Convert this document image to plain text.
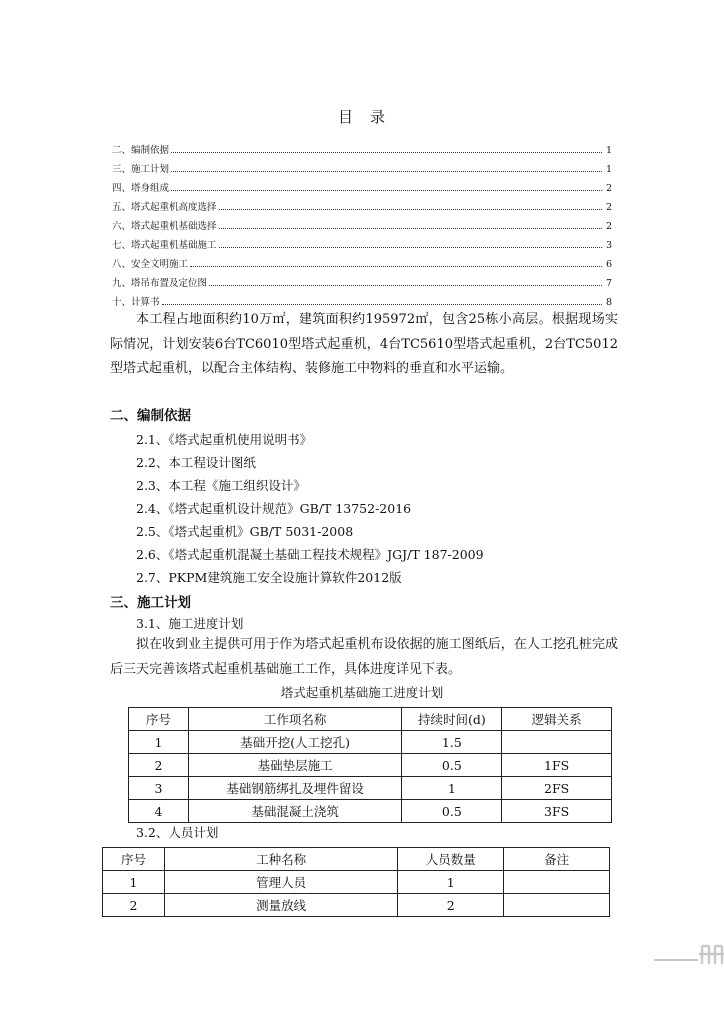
目　录
二、编制依据	1
三、施工计划	1
四、塔身组成	2
五、塔式起重机高度选择	2
六、塔式起重机基础选择	2
七、塔式起重机基础施工	3
八、安全文明施工	6
九、塔吊布置及定位图	7
十、计算书	8
本工程占地面积约10万㎡，建筑面积约195972㎡，包含25栋小高层。根据现场实际情况，计划安装6台TC6010型塔式起重机，4台TC5610型塔式起重机，2台TC5012型塔式起重机，以配合主体结构、装修施工中物料的垂直和水平运输。
二、编制依据
2.1、《塔式起重机使用说明书》
2.2、本工程设计图纸
2.3、本工程《施工组织设计》
2.4、《塔式起重机设计规范》GB/T 13752-2016
2.5、《塔式起重机》GB/T 5031-2008
2.6、《塔式起重机混凝土基础工程技术规程》JGJ/T 187-2009
2.7、PKPM建筑施工安全设施计算软件2012版
三、施工计划
3.1、施工进度计划
拟在收到业主提供可用于作为塔式起重机布设依据的施工图纸后，在人工挖孔桩完成后三天完善该塔式起重机基础施工工作，具体进度详见下表。
塔式起重机基础施工进度计划
序号	工作项名称	持续时间(d)	逻辑关系
1	基础开挖(人工挖孔)	1.5	
2	基础垫层施工	0.5	1FS
3	基础钢筋绑扎及埋件留设	1	2FS
4	基础混凝土浇筑	0.5	3FS
3.2、人员计划
序号	工种名称	人员数量	备注
1	管理人员	1	
2	测量放线	2	
